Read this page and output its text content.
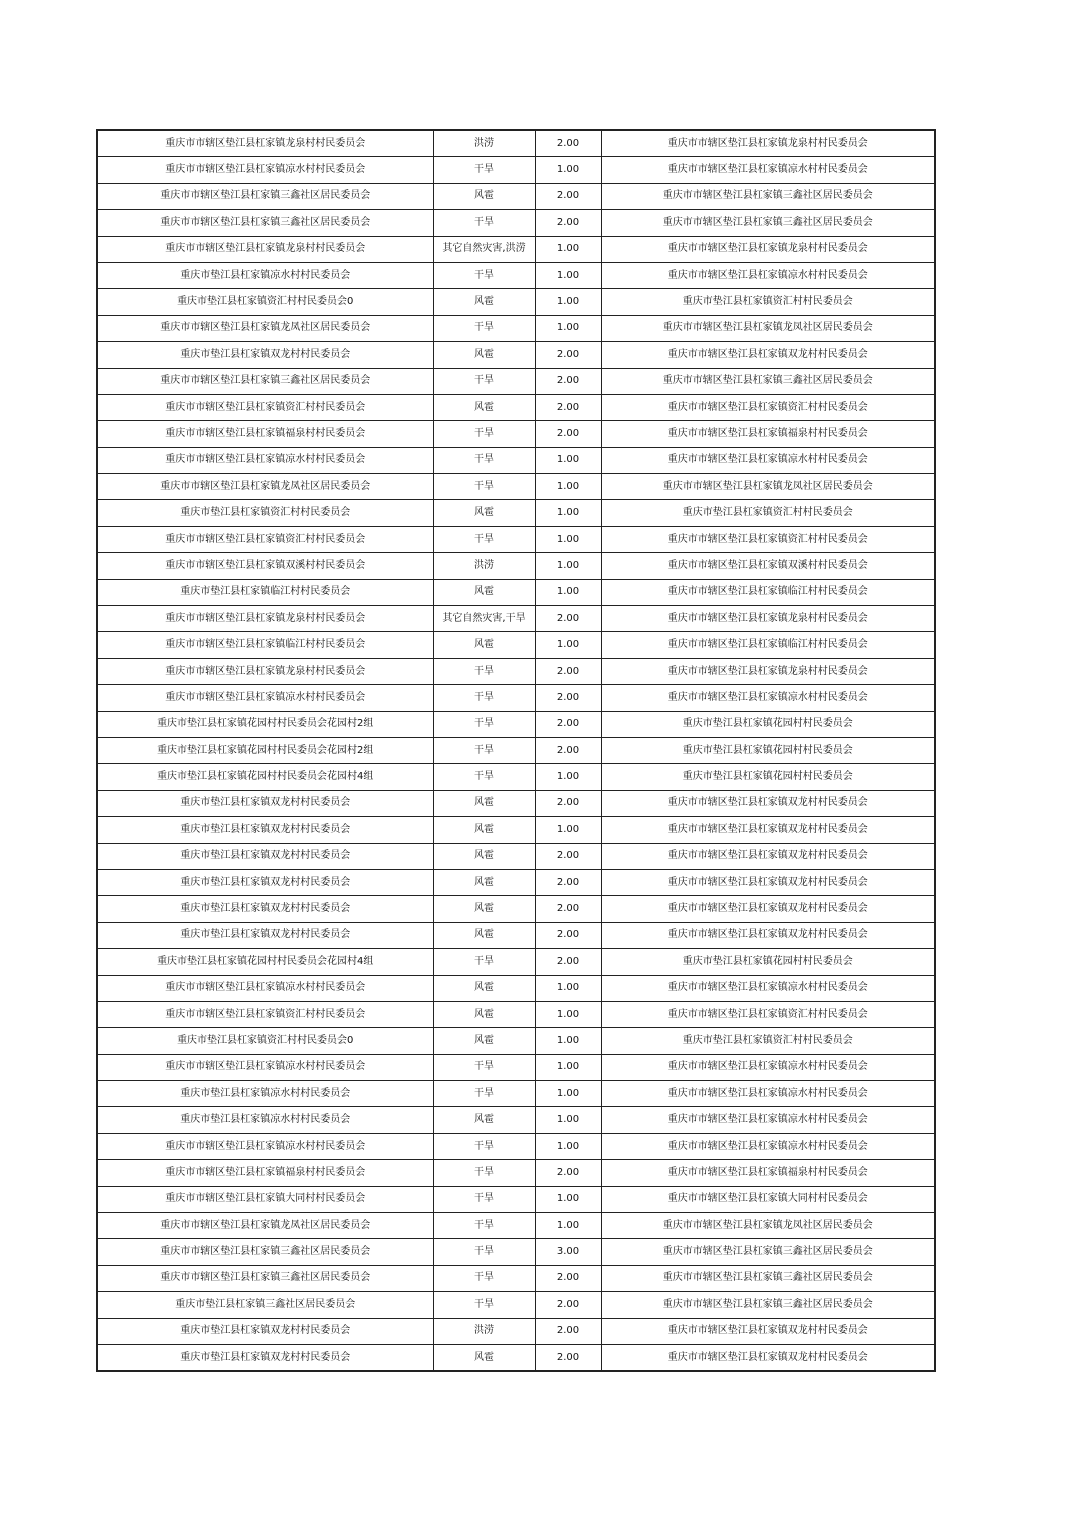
重庆市市辖区垫江县杠家镇龙泉村村民委员会	洪涝	2.00	重庆市市辖区垫江县杠家镇龙泉村村民委员会
重庆市市辖区垫江县杠家镇凉水村村民委员会	干旱	1.00	重庆市市辖区垫江县杠家镇凉水村村民委员会
重庆市市辖区垫江县杠家镇三鑫社区居民委员会	风雹	2.00	重庆市市辖区垫江县杠家镇三鑫社区居民委员会
重庆市市辖区垫江县杠家镇三鑫社区居民委员会	干旱	2.00	重庆市市辖区垫江县杠家镇三鑫社区居民委员会
重庆市市辖区垫江县杠家镇龙泉村村民委员会	其它自然灾害,洪涝	1.00	重庆市市辖区垫江县杠家镇龙泉村村民委员会
重庆市垫江县杠家镇凉水村村民委员会	干旱	1.00	重庆市市辖区垫江县杠家镇凉水村村民委员会
重庆市垫江县杠家镇资汇村村民委员会0	风雹	1.00	重庆市垫江县杠家镇资汇村村民委员会
重庆市市辖区垫江县杠家镇龙凤社区居民委员会	干旱	1.00	重庆市市辖区垫江县杠家镇龙凤社区居民委员会
重庆市垫江县杠家镇双龙村村民委员会	风雹	2.00	重庆市市辖区垫江县杠家镇双龙村村民委员会
重庆市市辖区垫江县杠家镇三鑫社区居民委员会	干旱	2.00	重庆市市辖区垫江县杠家镇三鑫社区居民委员会
重庆市市辖区垫江县杠家镇资汇村村民委员会	风雹	2.00	重庆市市辖区垫江县杠家镇资汇村村民委员会
重庆市市辖区垫江县杠家镇福泉村村民委员会	干旱	2.00	重庆市市辖区垫江县杠家镇福泉村村民委员会
重庆市市辖区垫江县杠家镇凉水村村民委员会	干旱	1.00	重庆市市辖区垫江县杠家镇凉水村村民委员会
重庆市市辖区垫江县杠家镇龙凤社区居民委员会	干旱	1.00	重庆市市辖区垫江县杠家镇龙凤社区居民委员会
重庆市垫江县杠家镇资汇村村民委员会	风雹	1.00	重庆市垫江县杠家镇资汇村村民委员会
重庆市市辖区垫江县杠家镇资汇村村民委员会	干旱	1.00	重庆市市辖区垫江县杠家镇资汇村村民委员会
重庆市市辖区垫江县杠家镇双溪村村民委员会	洪涝	1.00	重庆市市辖区垫江县杠家镇双溪村村民委员会
重庆市垫江县杠家镇临江村村民委员会	风雹	1.00	重庆市市辖区垫江县杠家镇临江村村民委员会
重庆市市辖区垫江县杠家镇龙泉村村民委员会	其它自然灾害,干旱	2.00	重庆市市辖区垫江县杠家镇龙泉村村民委员会
重庆市市辖区垫江县杠家镇临江村村民委员会	风雹	1.00	重庆市市辖区垫江县杠家镇临江村村民委员会
重庆市市辖区垫江县杠家镇龙泉村村民委员会	干旱	2.00	重庆市市辖区垫江县杠家镇龙泉村村民委员会
重庆市市辖区垫江县杠家镇凉水村村民委员会	干旱	2.00	重庆市市辖区垫江县杠家镇凉水村村民委员会
重庆市垫江县杠家镇花园村村民委员会花园村2组	干旱	2.00	重庆市垫江县杠家镇花园村村民委员会
重庆市垫江县杠家镇花园村村民委员会花园村2组	干旱	2.00	重庆市垫江县杠家镇花园村村民委员会
重庆市垫江县杠家镇花园村村民委员会花园村4组	干旱	1.00	重庆市垫江县杠家镇花园村村民委员会
重庆市垫江县杠家镇双龙村村民委员会	风雹	2.00	重庆市市辖区垫江县杠家镇双龙村村民委员会
重庆市垫江县杠家镇双龙村村民委员会	风雹	1.00	重庆市市辖区垫江县杠家镇双龙村村民委员会
重庆市垫江县杠家镇双龙村村民委员会	风雹	2.00	重庆市市辖区垫江县杠家镇双龙村村民委员会
重庆市垫江县杠家镇双龙村村民委员会	风雹	2.00	重庆市市辖区垫江县杠家镇双龙村村民委员会
重庆市垫江县杠家镇双龙村村民委员会	风雹	2.00	重庆市市辖区垫江县杠家镇双龙村村民委员会
重庆市垫江县杠家镇双龙村村民委员会	风雹	2.00	重庆市市辖区垫江县杠家镇双龙村村民委员会
重庆市垫江县杠家镇花园村村民委员会花园村4组	干旱	2.00	重庆市垫江县杠家镇花园村村民委员会
重庆市市辖区垫江县杠家镇凉水村村民委员会	风雹	1.00	重庆市市辖区垫江县杠家镇凉水村村民委员会
重庆市市辖区垫江县杠家镇资汇村村民委员会	风雹	1.00	重庆市市辖区垫江县杠家镇资汇村村民委员会
重庆市垫江县杠家镇资汇村村民委员会0	风雹	1.00	重庆市垫江县杠家镇资汇村村民委员会
重庆市市辖区垫江县杠家镇凉水村村民委员会	干旱	1.00	重庆市市辖区垫江县杠家镇凉水村村民委员会
重庆市垫江县杠家镇凉水村村民委员会	干旱	1.00	重庆市市辖区垫江县杠家镇凉水村村民委员会
重庆市垫江县杠家镇凉水村村民委员会	风雹	1.00	重庆市市辖区垫江县杠家镇凉水村村民委员会
重庆市市辖区垫江县杠家镇凉水村村民委员会	干旱	1.00	重庆市市辖区垫江县杠家镇凉水村村民委员会
重庆市市辖区垫江县杠家镇福泉村村民委员会	干旱	2.00	重庆市市辖区垫江县杠家镇福泉村村民委员会
重庆市市辖区垫江县杠家镇大同村村民委员会	干旱	1.00	重庆市市辖区垫江县杠家镇大同村村民委员会
重庆市市辖区垫江县杠家镇龙凤社区居民委员会	干旱	1.00	重庆市市辖区垫江县杠家镇龙凤社区居民委员会
重庆市市辖区垫江县杠家镇三鑫社区居民委员会	干旱	3.00	重庆市市辖区垫江县杠家镇三鑫社区居民委员会
重庆市市辖区垫江县杠家镇三鑫社区居民委员会	干旱	2.00	重庆市市辖区垫江县杠家镇三鑫社区居民委员会
重庆市垫江县杠家镇三鑫社区居民委员会	干旱	2.00	重庆市市辖区垫江县杠家镇三鑫社区居民委员会
重庆市垫江县杠家镇双龙村村民委员会	洪涝	2.00	重庆市市辖区垫江县杠家镇双龙村村民委员会
重庆市垫江县杠家镇双龙村村民委员会	风雹	2.00	重庆市市辖区垫江县杠家镇双龙村村民委员会
